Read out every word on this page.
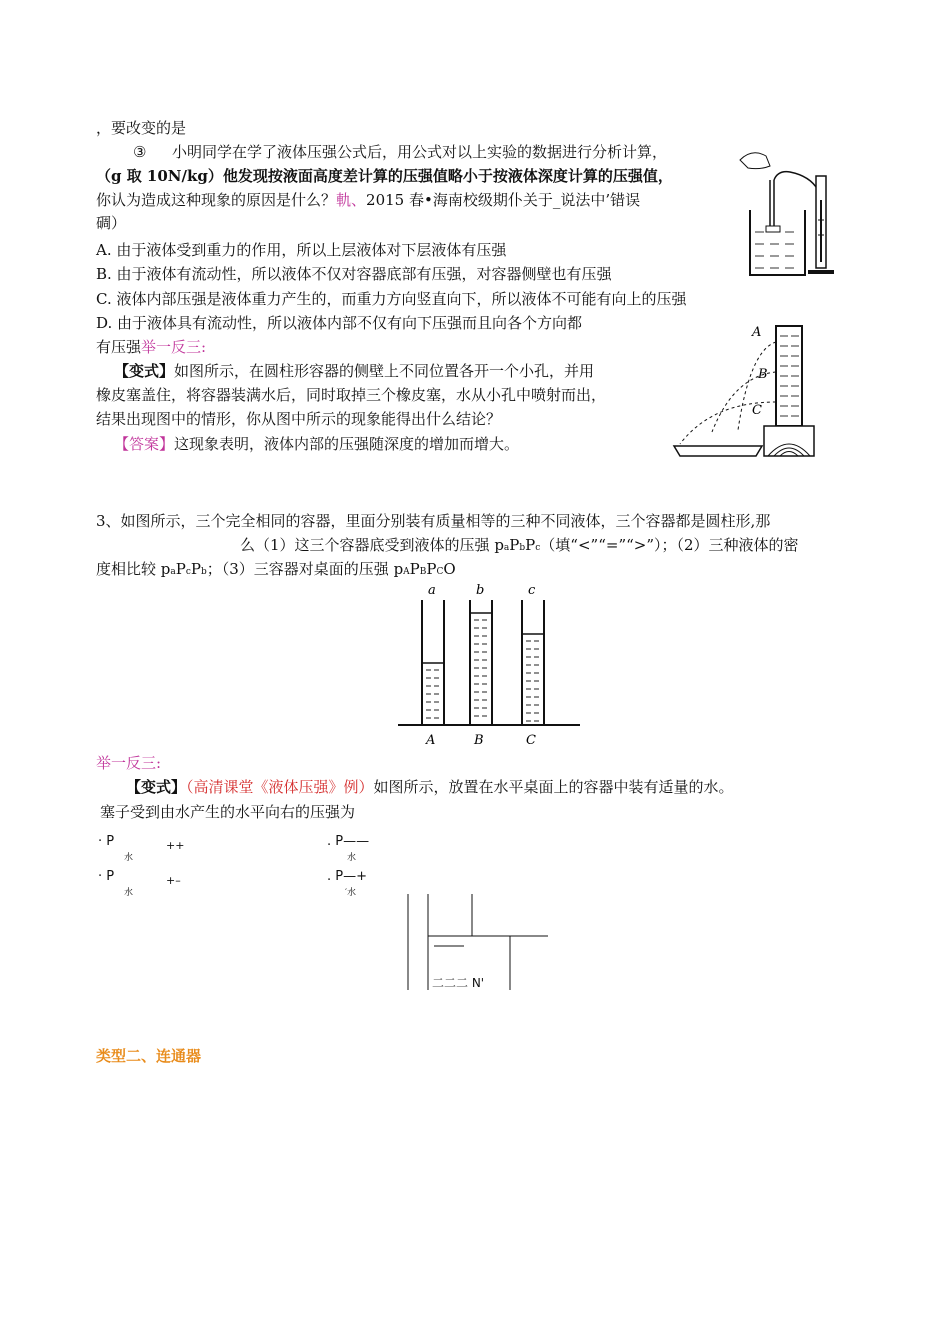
，要改变的是
③ 小明同学在学了液体压强公式后，用公式对以上实验的数据进行分析计算，
（g 取 10N/kg）他发现按液面高度差计算的压强值略小于按液体深度计算的压强值，
你认为造成这种现象的原因是什么？軌、2015 春•海南校级期仆关于_说法中’错误
碉）
A. 由于液体受到重力的作用，所以上层液体对下层液体有压强
B. 由于液体有流动性，所以液体不仅对容器底部有压强，对容器侧壁也有压强
C. 液体内部压强是液体重力产生的，而重力方向竖直向下，所以液体不可能有向上的压强
D. 由于液体具有流动性，所以液体内部不仅有向下压强而且向各个方向都
有压强举一反三:
【变式】如图所示，在圆柱形容器的侧壁上不同位置各开一个小孔，并用
橡皮塞盖住，将容器装满水后，同时取掉三个橡皮塞，水从小孔中喷射而出，
结果出现图中的情形，你从图中所示的现象能得出什么结论？
【答案】这现象表明，液体内部的压强随深度的增加而增大。
A
B
C
3、如图所示，三个完全相同的容器，里面分别装有质量相等的三种不同液体，三个容器都是圆柱形,那
么（1）这三个容器底受到液体的压强 paPbPc（填“<”“=”“>”）；（2）三种液体的密
度相比较 paPcPb；（3）三容器对桌面的压强 pAPBPCO
a	b	c
A	B	C
举一反三:
【变式】（高清课堂《液体压强》例）如图所示，放置在水平桌面上的容器中装有适量的水。
塞子受到由水产生的水平向右的压强为
· P
水
++	. P——
水
· P
水
+–	. P—+
′水
二二二 N'
类型二、连通器
